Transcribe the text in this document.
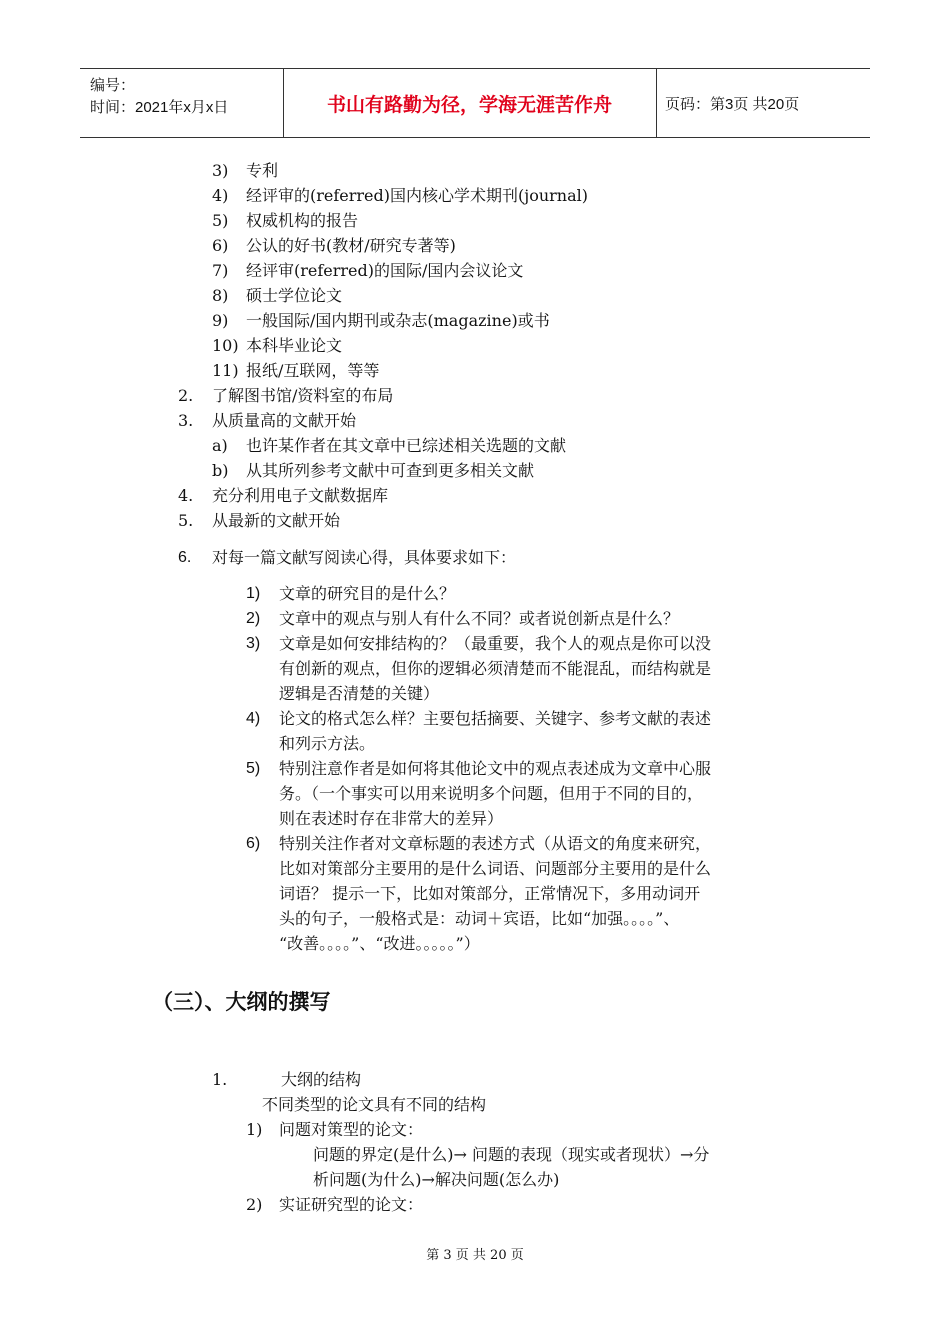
编号：
时间：2021年x月x日	书山有路勤为径，学海无涯苦作舟	页码：第3页 共20页
3) 专利
4) 经评审的(referred)国内核心学术期刊(journal)
5) 权威机构的报告
6) 公认的好书(教材/研究专著等)
7) 经评审(referred)的国际/国内会议论文
8) 硕士学位论文
9) 一般国际/国内期刊或杂志(magazine)或书
10) 本科毕业论文
11) 报纸/互联网，等等
2. 了解图书馆/资料室的布局
3. 从质量高的文献开始
a) 也许某作者在其文章中已综述相关选题的文献
b) 从其所列参考文献中可查到更多相关文献
4. 充分利用电子文献数据库
5. 从最新的文献开始
6. 对每一篇文献写阅读心得，具体要求如下：
1) 文章的研究目的是什么？
2) 文章中的观点与别人有什么不同？或者说创新点是什么？
3) 文章是如何安排结构的？（最重要，我个人的观点是你可以没
有创新的观点，但你的逻辑必须清楚而不能混乱，而结构就是
逻辑是否清楚的关键）
4) 论文的格式怎么样？主要包括摘要、关键字、参考文献的表述
和列示方法。
5) 特别注意作者是如何将其他论文中的观点表述成为文章中心服
务。（一个事实可以用来说明多个问题，但用于不同的目的，
则在表述时存在非常大的差异）
6) 特别关注作者对文章标题的表述方式（从语文的角度来研究，
比如对策部分主要用的是什么词语、问题部分主要用的是什么
词语？ 提示一下，比如对策部分，正常情况下，多用动词开
头的句子，一般格式是：动词＋宾语，比如“加强。。。。”、
“改善。。。。”、“改进。。。。。”）
（三）、大纲的撰写
1.	大纲的结构
不同类型的论文具有不同的结构
1) 问题对策型的论文：
问题的界定(是什么)→ 问题的表现（现实或者现状）→分
析问题(为什么)→解决问题(怎么办)
2) 实证研究型的论文：
第 3 页 共 20 页
